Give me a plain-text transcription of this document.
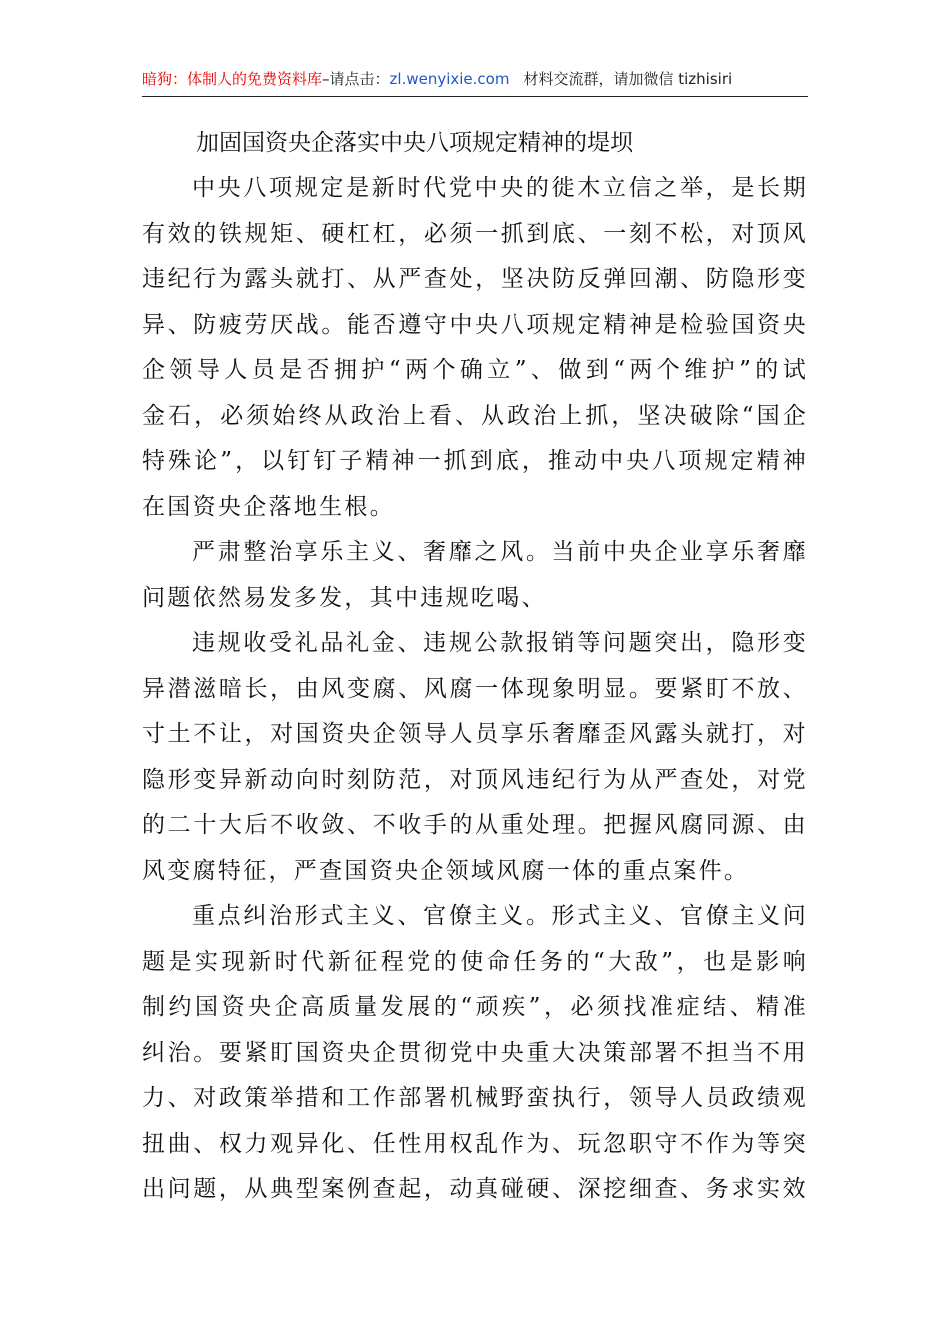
暗狗：体制人的免费资料库–请点击：zl.wenyixie.com 材料交流群，请加微信 tizhisiri
加固国资央企落实中央八项规定精神的堤坝
中央八项规定是新时代党中央的徙木立信之举，是长期
有效的铁规矩、硬杠杠，必须一抓到底、一刻不松，对顶风
违纪行为露头就打、从严查处，坚决防反弹回潮、防隐形变
异、防疲劳厌战。能否遵守中央八项规定精神是检验国资央
企领导人员是否拥护“两个确立”、做到“两个维护”的试
金石，必须始终从政治上看、从政治上抓，坚决破除“国企
特殊论”，以钉钉子精神一抓到底，推动中央八项规定精神
在国资央企落地生根。
严肃整治享乐主义、奢靡之风。当前中央企业享乐奢靡
问题依然易发多发，其中违规吃喝、
违规收受礼品礼金、违规公款报销等问题突出，隐形变
异潜滋暗长，由风变腐、风腐一体现象明显。要紧盯不放、
寸土不让，对国资央企领导人员享乐奢靡歪风露头就打，对
隐形变异新动向时刻防范，对顶风违纪行为从严查处，对党
的二十大后不收敛、不收手的从重处理。把握风腐同源、由
风变腐特征，严查国资央企领域风腐一体的重点案件。
重点纠治形式主义、官僚主义。形式主义、官僚主义问
题是实现新时代新征程党的使命任务的“大敌”，也是影响
制约国资央企高质量发展的“顽疾”，必须找准症结、精准
纠治。要紧盯国资央企贯彻党中央重大决策部署不担当不用
力、对政策举措和工作部署机械野蛮执行，领导人员政绩观
扭曲、权力观异化、任性用权乱作为、玩忽职守不作为等突
出问题，从典型案例查起，动真碰硬、深挖细查、务求实效
